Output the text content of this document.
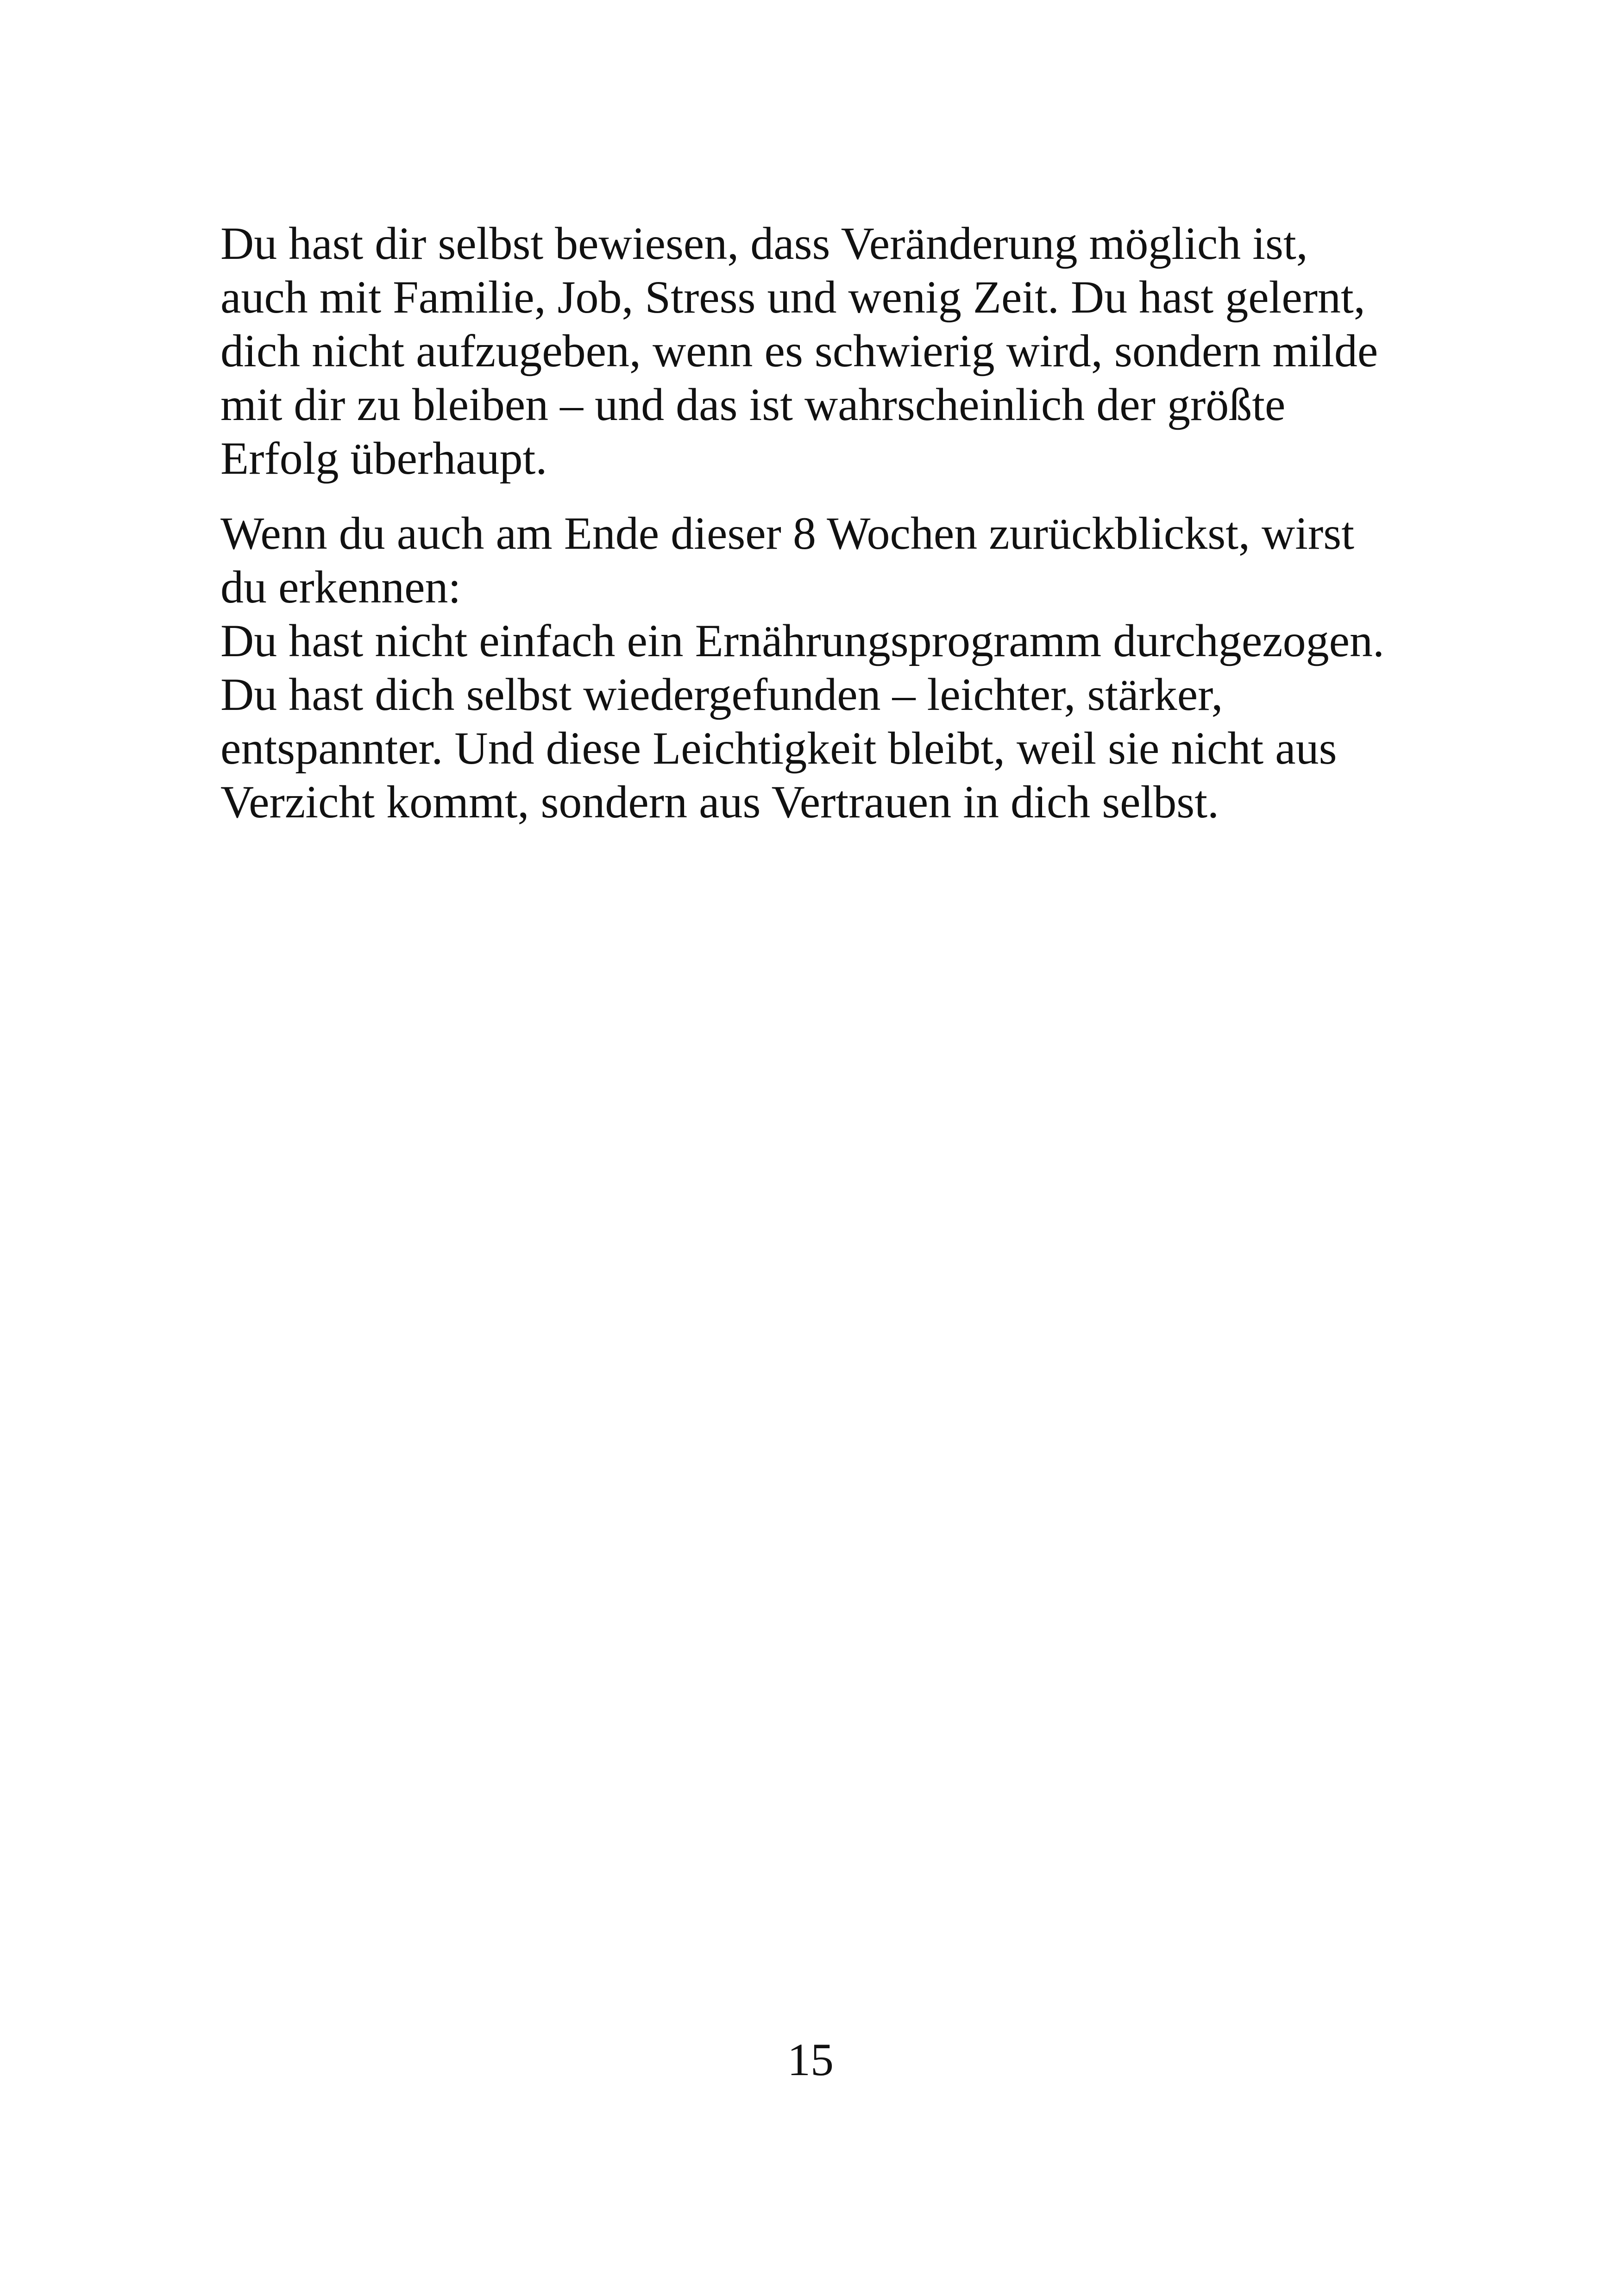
Du hast dir selbst bewiesen, dass Veränderung möglich ist,
auch mit Familie, Job, Stress und wenig Zeit. Du hast gelernt,
dich nicht aufzugeben, wenn es schwierig wird, sondern milde
mit dir zu bleiben – und das ist wahrscheinlich der größte
Erfolg überhaupt.
Wenn du auch am Ende dieser 8 Wochen zurückblickst, wirst
du erkennen:
Du hast nicht einfach ein Ernährungsprogramm durchgezogen.
Du hast dich selbst wiedergefunden – leichter, stärker,
entspannter. Und diese Leichtigkeit bleibt, weil sie nicht aus
Verzicht kommt, sondern aus Vertrauen in dich selbst.
15
